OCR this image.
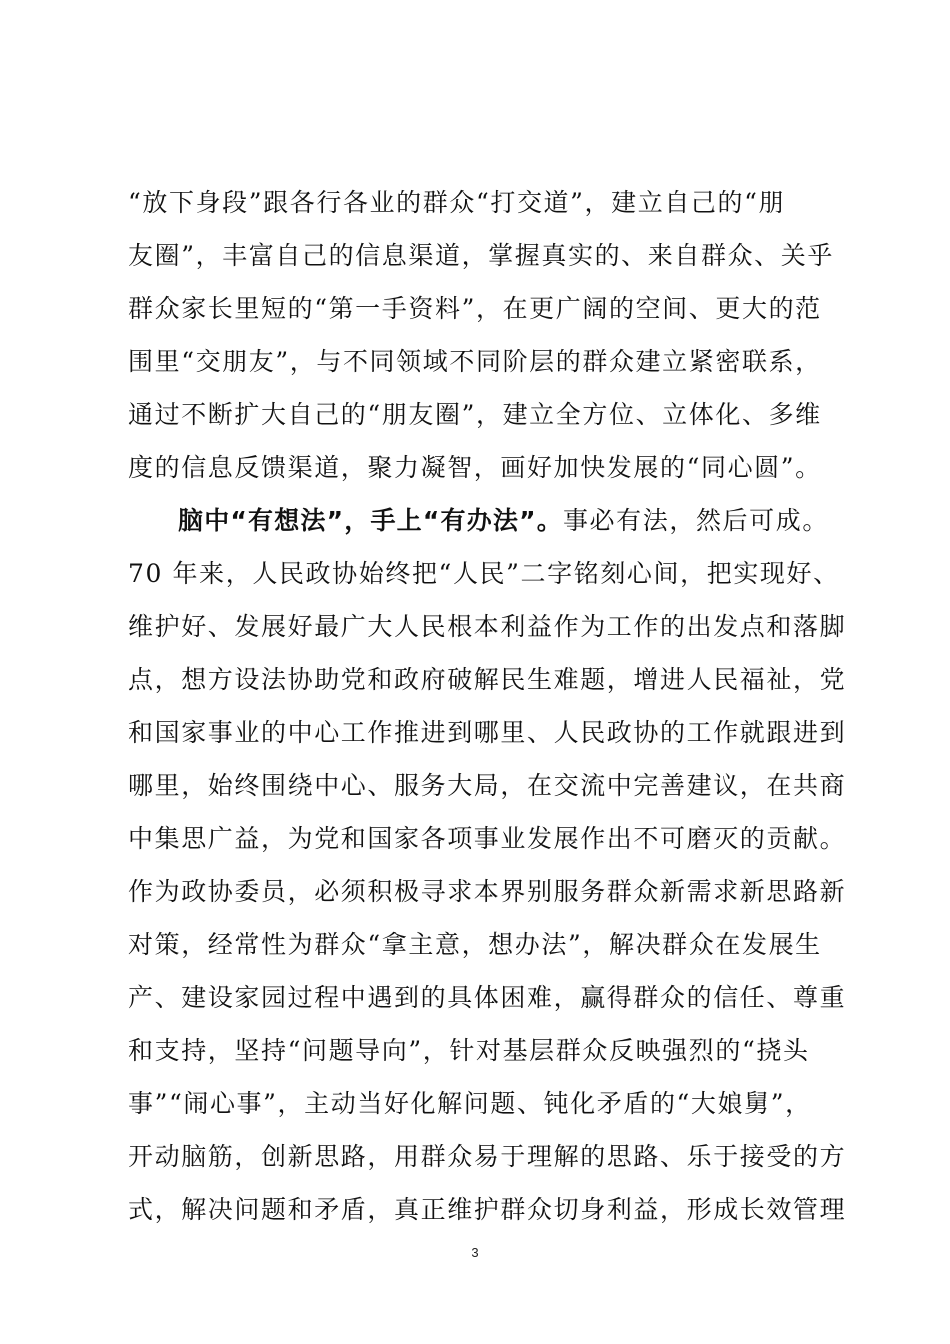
“放下身段”跟各行各业的群众“打交道”，建立自己的“朋
友圈”，丰富自己的信息渠道，掌握真实的、来自群众、关乎
群众家长里短的“第一手资料”，在更广阔的空间、更大的范
围里“交朋友”，与不同领域不同阶层的群众建立紧密联系，
通过不断扩大自己的“朋友圈”，建立全方位、立体化、多维
度的信息反馈渠道，聚力凝智，画好加快发展的“同心圆”。
脑中“有想法”，手上“有办法”。事必有法，然后可成。
70 年来，人民政协始终把“人民”二字铭刻心间，把实现好、
维护好、发展好最广大人民根本利益作为工作的出发点和落脚
点，想方设法协助党和政府破解民生难题，增进人民福祉，党
和国家事业的中心工作推进到哪里、人民政协的工作就跟进到
哪里，始终围绕中心、服务大局，在交流中完善建议，在共商
中集思广益，为党和国家各项事业发展作出不可磨灭的贡献。
作为政协委员，必须积极寻求本界别服务群众新需求新思路新
对策，经常性为群众“拿主意，想办法”，解决群众在发展生
产、建设家园过程中遇到的具体困难，赢得群众的信任、尊重
和支持，坚持“问题导向”，针对基层群众反映强烈的“挠头
事”“闹心事”，主动当好化解问题、钝化矛盾的“大娘舅”，
开动脑筋，创新思路，用群众易于理解的思路、乐于接受的方
式，解决问题和矛盾，真正维护群众切身利益，形成长效管理
3
